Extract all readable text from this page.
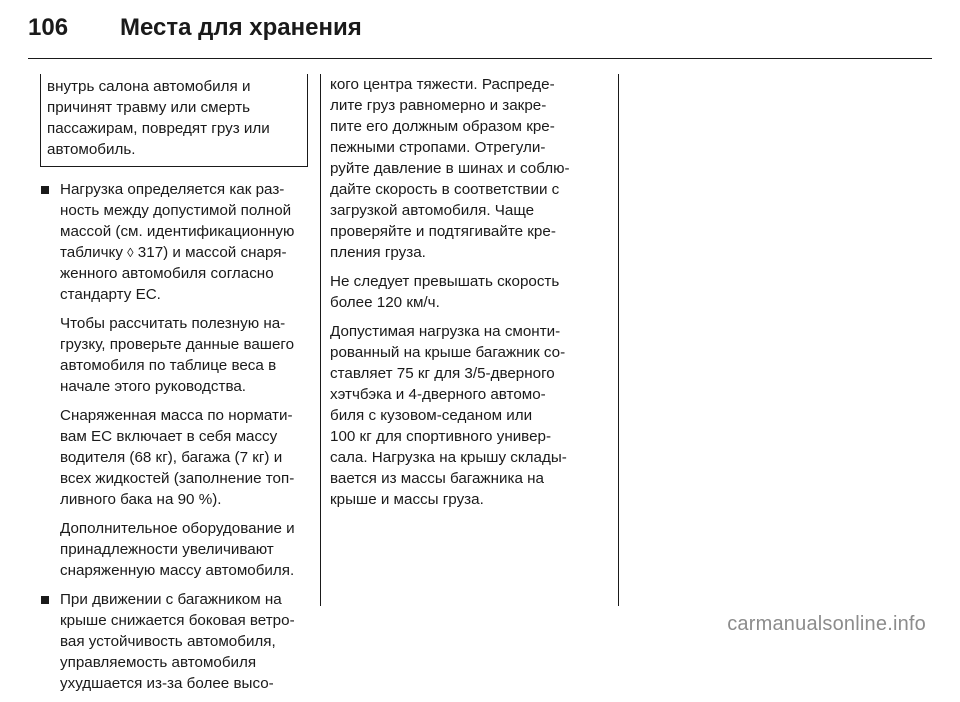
106	Места для хранения
внутрь салона автомобиля и
причинят травму или смерть
пассажирам, повредят груз или
автомобиль.
Нагрузка определяется как раз-
ность между допустимой полной
массой (см. идентификационную
табличку ◊ 317) и массой снаря-
женного автомобиля согласно
стандарту ЕС.
Чтобы рассчитать полезную на-
грузку, проверьте данные вашего
автомобиля по таблице веса в
начале этого руководства.
Снаряженная масса по нормати-
вам ЕС включает в себя массу
водителя (68 кг), багажа (7 кг) и
всех жидкостей (заполнение топ-
ливного бака на 90 %).
Дополнительное оборудование и
принадлежности увеличивают
снаряженную массу автомобиля.
При движении с багажником на
крыше снижается боковая ветро-
вая устойчивость автомобиля,
управляемость автомобиля
ухудшается из-за более высо-
кого центра тяжести. Распреде-
лите груз равномерно и закре-
пите его должным образом кре-
пежными стропами. Отрегули-
руйте давление в шинах и соблю-
дайте скорость в соответствии с
загрузкой автомобиля. Чаще
проверяйте и подтягивайте кре-
пления груза.
Не следует превышать скорость
более 120 км/ч.
Допустимая нагрузка на смонти-
рованный на крыше багажник со-
ставляет 75 кг для 3/5-дверного
хэтчбэка и 4-дверного автомо-
биля с кузовом-седаном или
100 кг для спортивного универ-
сала. Нагрузка на крышу склады-
вается из массы багажника на
крыше и массы груза.
carmanualsonline.info
